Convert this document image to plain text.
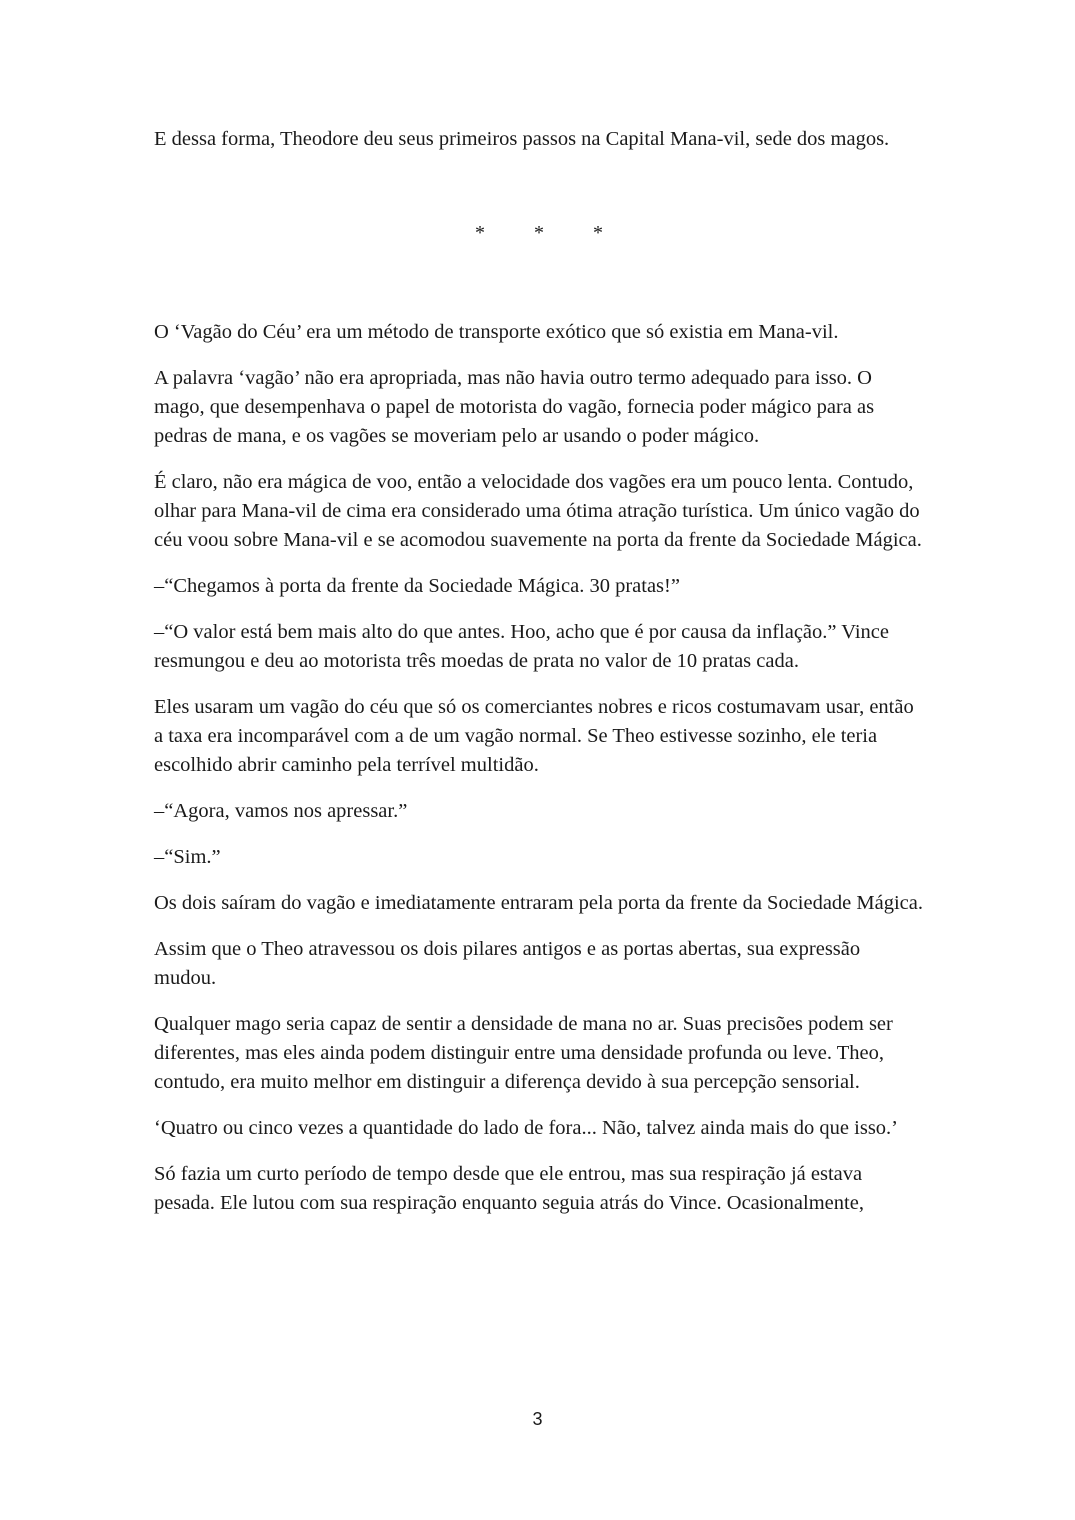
E dessa forma, Theodore deu seus primeiros passos na Capital Mana-vil, sede dos magos.

* * *

O ‘Vagão do Céu’ era um método de transporte exótico que só existia em Mana-vil.

A palavra ‘vagão’ não era apropriada, mas não havia outro termo adequado para isso. O mago, que desempenhava o papel de motorista do vagão, fornecia poder mágico para as pedras de mana, e os vagões se moveriam pelo ar usando o poder mágico.

É claro, não era mágica de voo, então a velocidade dos vagões era um pouco lenta. Contudo, olhar para Mana-vil de cima era considerado uma ótima atração turística. Um único vagão do céu voou sobre Mana-vil e se acomodou suavemente na porta da frente da Sociedade Mágica.

–“Chegamos à porta da frente da Sociedade Mágica. 30 pratas!”

–“O valor está bem mais alto do que antes. Hoo, acho que é por causa da inflação.” Vince resmungou e deu ao motorista três moedas de prata no valor de 10 pratas cada.

Eles usaram um vagão do céu que só os comerciantes nobres e ricos costumavam usar, então a taxa era incomparável com a de um vagão normal. Se Theo estivesse sozinho, ele teria escolhido abrir caminho pela terrível multidão.

–“Agora, vamos nos apressar.”

–“Sim.”

Os dois saíram do vagão e imediatamente entraram pela porta da frente da Sociedade Mágica.

Assim que o Theo atravessou os dois pilares antigos e as portas abertas, sua expressão mudou.

Qualquer mago seria capaz de sentir a densidade de mana no ar. Suas precisões podem ser diferentes, mas eles ainda podem distinguir entre uma densidade profunda ou leve. Theo, contudo, era muito melhor em distinguir a diferença devido à sua percepção sensorial.

‘Quatro ou cinco vezes a quantidade do lado de fora... Não, talvez ainda mais do que isso.’

Só fazia um curto período de tempo desde que ele entrou, mas sua respiração já estava pesada. Ele lutou com sua respiração enquanto seguia atrás do Vince. Ocasionalmente,

3
